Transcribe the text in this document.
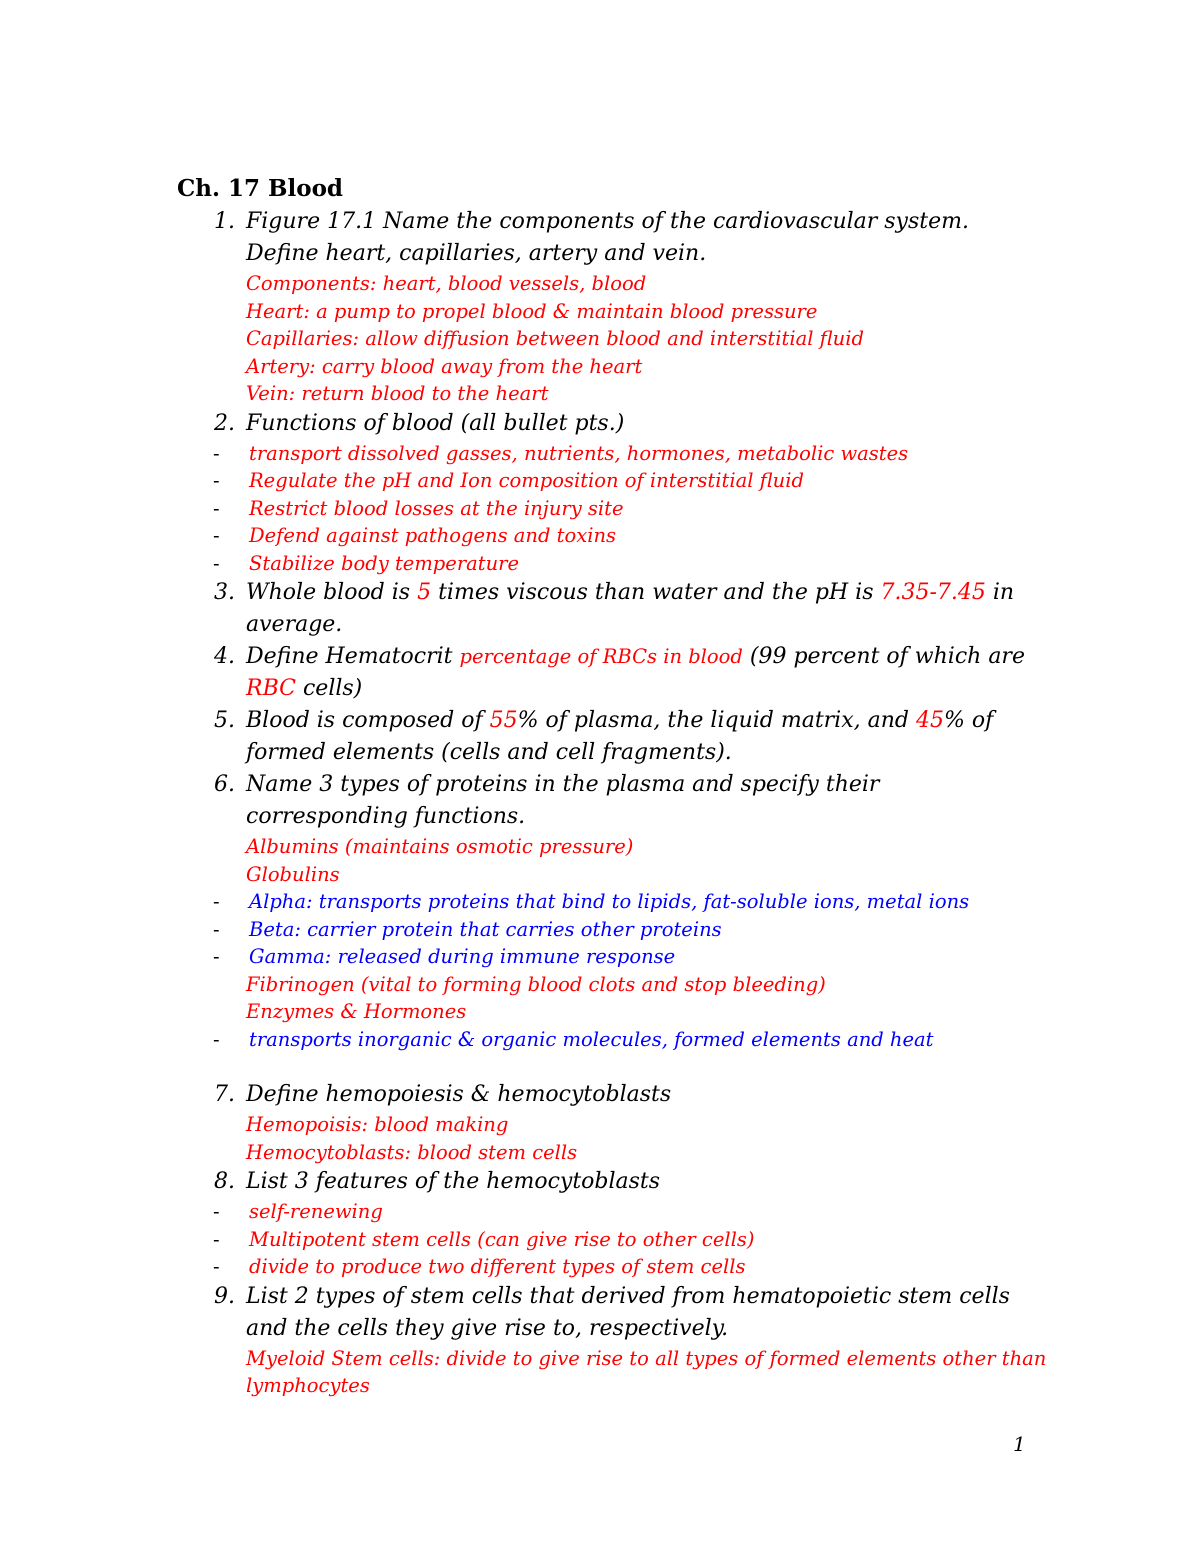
Ch. 17 Blood
1. Figure 17.1 Name the components of the cardiovascular system.
Define heart, capillaries, artery and vein.
Components: heart, blood vessels, blood
Heart: a pump to propel blood & maintain blood pressure
Capillaries: allow diffusion between blood and interstitial fluid
Artery: carry blood away from the heart
Vein: return blood to the heart
2. Functions of blood (all bullet pts.)
- transport dissolved gasses, nutrients, hormones, metabolic wastes
- Regulate the pH and Ion composition of interstitial fluid
- Restrict blood losses at the injury site
- Defend against pathogens and toxins
- Stabilize body temperature
3. Whole blood is 5 times viscous than water and the pH is 7.35-7.45 in average.
4. Define Hematocrit percentage of RBCs in blood (99 percent of which are RBC cells)
5. Blood is composed of 55% of plasma, the liquid matrix, and 45% of formed elements (cells and cell fragments).
6. Name 3 types of proteins in the plasma and specify their
corresponding functions.
Albumins (maintains osmotic pressure)
Globulins
- Alpha: transports proteins that bind to lipids, fat-soluble ions, metal ions
- Beta: carrier protein that carries other proteins
- Gamma: released during immune response
Fibrinogen (vital to forming blood clots and stop bleeding)
Enzymes & Hormones
- transports inorganic & organic molecules, formed elements and heat
7. Define hemopoiesis & hemocytoblasts
Hemopoisis: blood making
Hemocytoblasts: blood stem cells
8. List 3 features of the hemocytoblasts
- self-renewing
- Multipotent stem cells (can give rise to other cells)
- divide to produce two different types of stem cells
9. List 2 types of stem cells that derived from hematopoietic stem cells
and the cells they give rise to, respectively.
Myeloid Stem cells: divide to give rise to all types of formed elements other than lymphocytes
1
